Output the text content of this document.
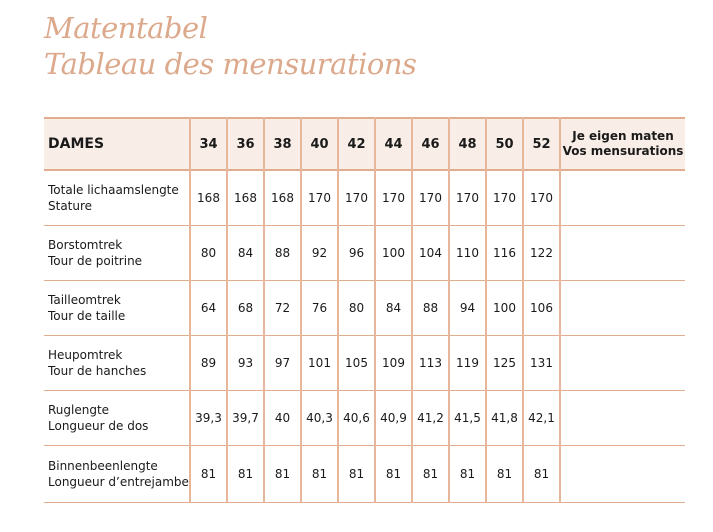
Matentabel
Tableau des mensurations
DAMES	34	36	38	40	42	44	46	48	50	52	Je eigen maten
Vos mensurations

Totale lichaamslengte
Stature	168	168	168	170	170	170	170	170	170	170	

Borstomtrek
Tour de poitrine	80	84	88	92	96	100	104	110	116	122	

Tailleomtrek
Tour de taille	64	68	72	76	80	84	88	94	100	106	

Heupomtrek
Tour de hanches	89	93	97	101	105	109	113	119	125	131	

Ruglengte
Longueur de dos	39,3	39,7	40	40,3	40,6	40,9	41,2	41,5	41,8	42,1	

Binnenbeenlengte
Longueur d’entrejambe	81	81	81	81	81	81	81	81	81	81	
